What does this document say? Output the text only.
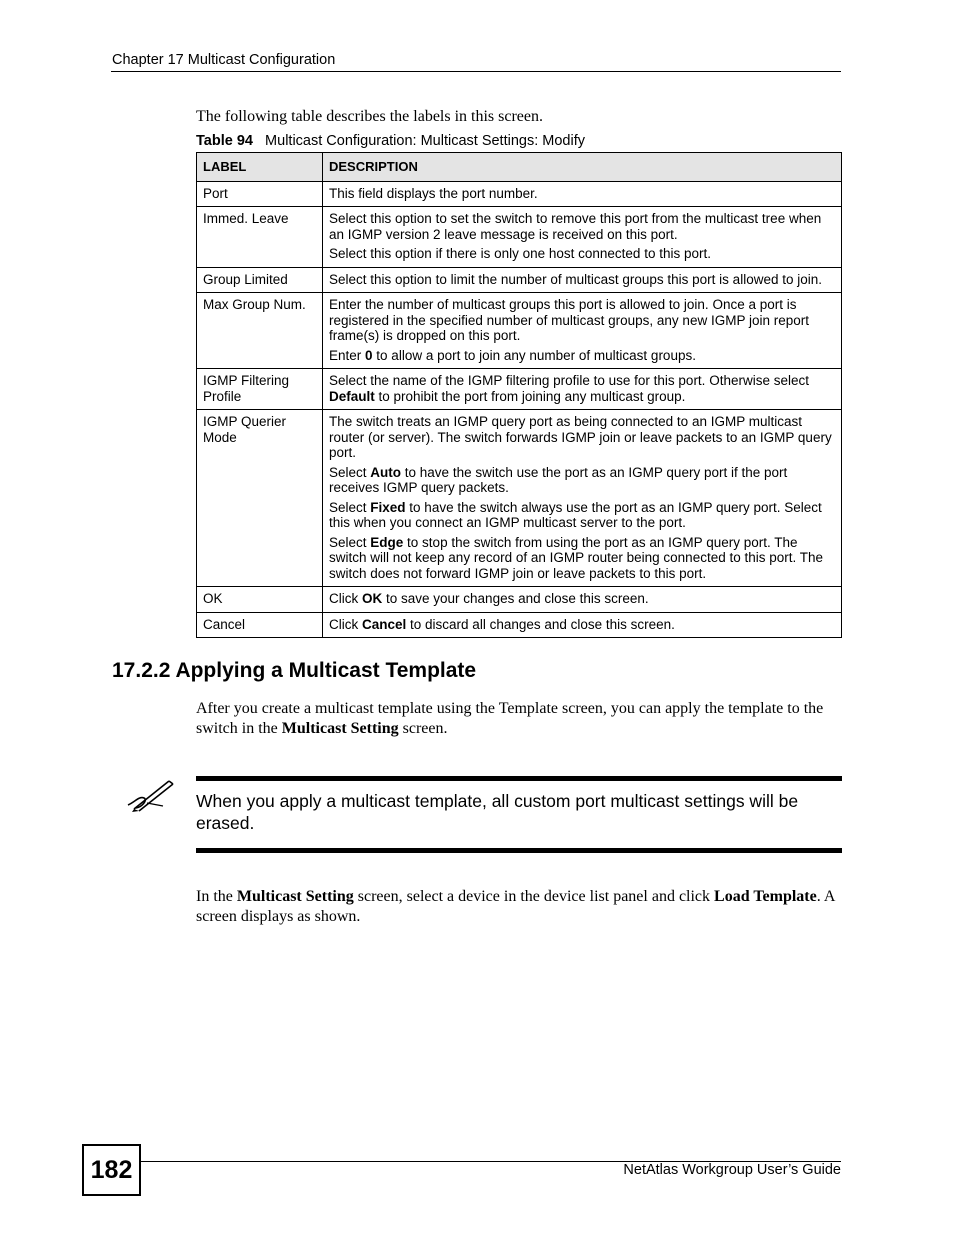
Chapter 17 Multicast Configuration
The following table describes the labels in this screen.
Table 94 Multicast Configuration: Multicast Settings: Modify
LABEL	DESCRIPTION
Port	This field displays the port number.

Immed. Leave	Select this option to set the switch to remove this port from the multicast tree when an IGMP version 2 leave message is received on this port.

Select this option if there is only one host connected to this port.

Group Limited	Select this option to limit the number of multicast groups this port is allowed to join.

Max Group Num.	Enter the number of multicast groups this port is allowed to join. Once a port is registered in the specified number of multicast groups, any new IGMP join report frame(s) is dropped on this port.

Enter 0 to allow a port to join any number of multicast groups.

IGMP Filtering Profile	Select the name of the IGMP filtering profile to use for this port. Otherwise select Default to prohibit the port from joining any multicast group.

IGMP Querier Mode	The switch treats an IGMP query port as being connected to an IGMP multicast router (or server). The switch forwards IGMP join or leave packets to an IGMP query port.

Select Auto to have the switch use the port as an IGMP query port if the port receives IGMP query packets.

Select Fixed to have the switch always use the port as an IGMP query port. Select this when you connect an IGMP multicast server to the port.

Select Edge to stop the switch from using the port as an IGMP query port. The switch will not keep any record of an IGMP router being connected to this port. The switch does not forward IGMP join or leave packets to this port.

OK	Click OK to save your changes and close this screen.

Cancel	Click Cancel to discard all changes and close this screen.

17.2.2 Applying a Multicast Template
After you create a multicast template using the Template screen, you can apply the template to the switch in the Multicast Setting screen.
When you apply a multicast template, all custom port multicast settings will be erased.
In the Multicast Setting screen, select a device in the device list panel and click Load Template. A screen displays as shown.
182	NetAtlas Workgroup User’s Guide
